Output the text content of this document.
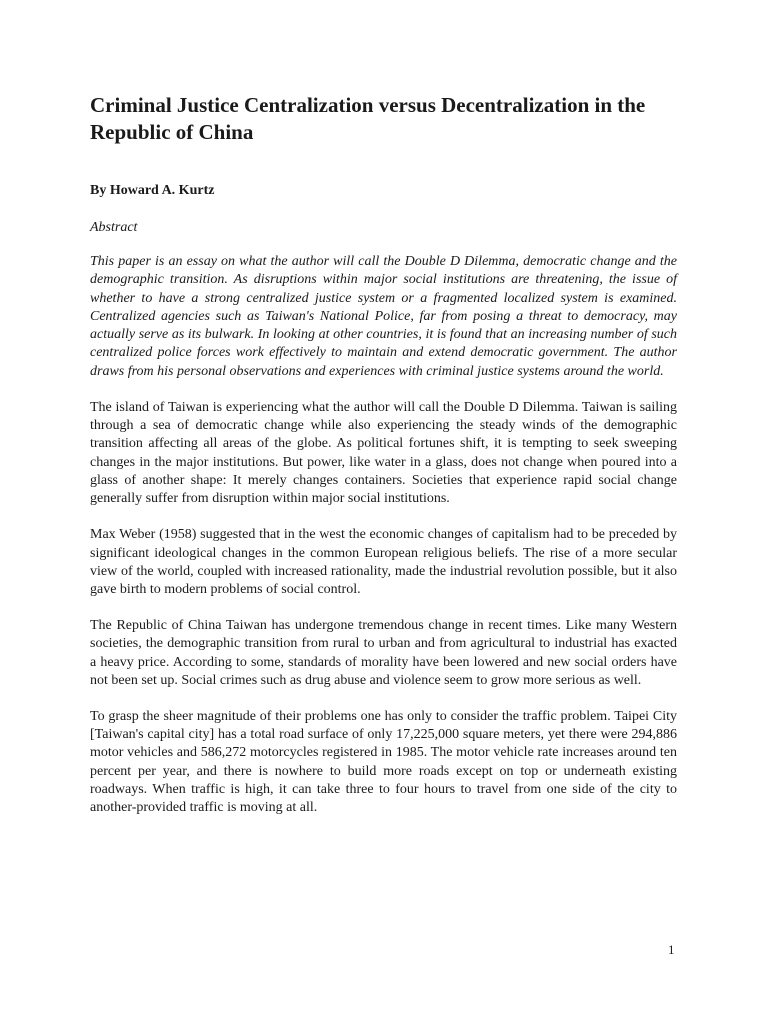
Criminal Justice Centralization versus Decentralization in the Republic of China
By Howard A. Kurtz
Abstract

This paper is an essay on what the author will call the Double D Dilemma, democratic change and the demographic transition. As disruptions within major social institutions are threatening, the issue of whether to have a strong centralized justice system or a fragmented localized system is examined. Centralized agencies such as Taiwan's National Police, far from posing a threat to democracy, may actually serve as its bulwark. In looking at other countries, it is found that an increasing number of such centralized police forces work effectively to maintain and extend democratic government. The author draws from his personal observations and experiences with criminal justice systems around the world.

The island of Taiwan is experiencing what the author will call the Double D Dilemma. Taiwan is sailing through a sea of democratic change while also experiencing the steady winds of the demographic transition affecting all areas of the globe. As political fortunes shift, it is tempting to seek sweeping changes in the major institutions. But power, like water in a glass, does not change when poured into a glass of another shape: It merely changes containers. Societies that experience rapid social change generally suffer from disruption within major social institutions.

Max Weber (1958) suggested that in the west the economic changes of capitalism had to be preceded by significant ideological changes in the common European religious beliefs. The rise of a more secular view of the world, coupled with increased rationality, made the industrial revolution possible, but it also gave birth to modern problems of social control.

The Republic of China Taiwan has undergone tremendous change in recent times. Like many Western societies, the demographic transition from rural to urban and from agricultural to industrial has exacted a heavy price. According to some, standards of morality have been lowered and new social orders have not been set up. Social crimes such as drug abuse and violence seem to grow more serious as well.

To grasp the sheer magnitude of their problems one has only to consider the traffic problem. Taipei City [Taiwan's capital city] has a total road surface of only 17,225,000 square meters, yet there were 294,886 motor vehicles and 586,272 motorcycles registered in 1985. The motor vehicle rate increases around ten percent per year, and there is nowhere to build more roads except on top or underneath existing roadways. When traffic is high, it can take three to four hours to travel from one side of the city to another-provided traffic is moving at all.

1
